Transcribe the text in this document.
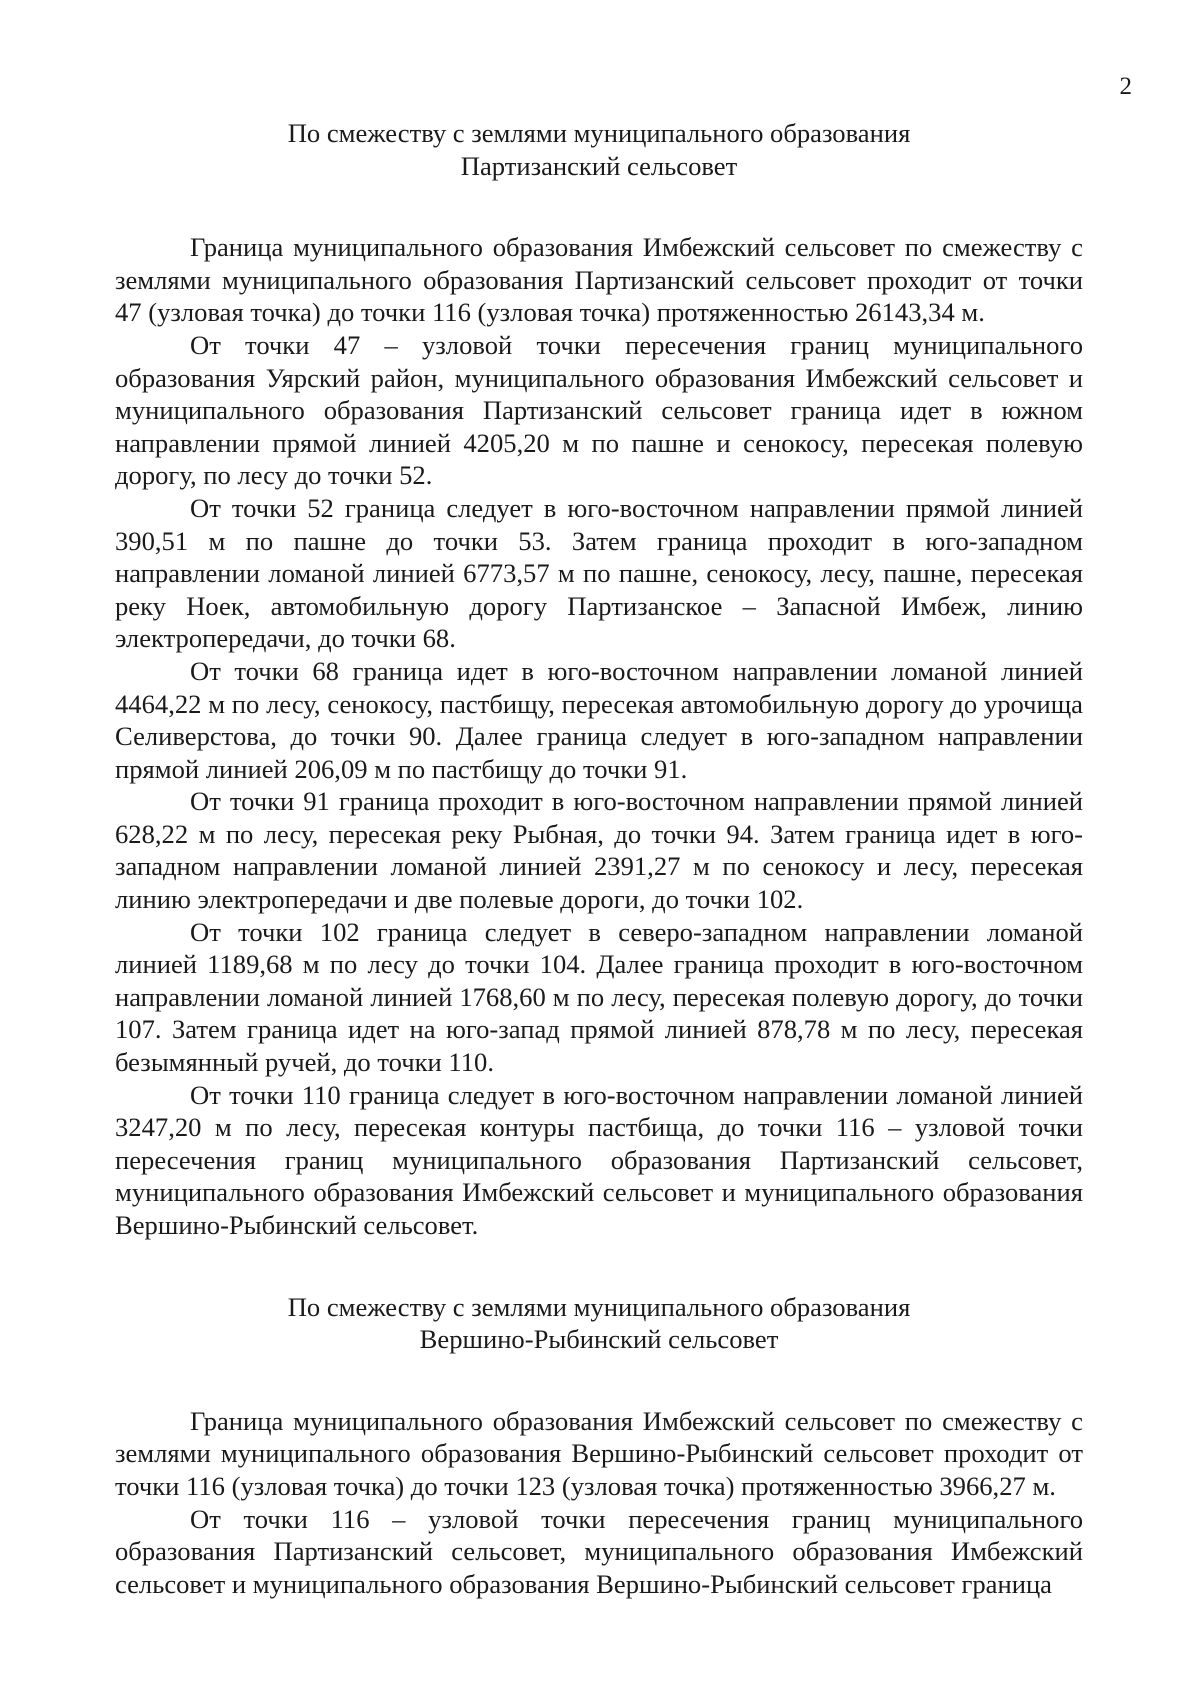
2

По смежеству с землями муниципального образования
Партизанский сельсовет

Граница муниципального образования Имбежский сельсовет по смежеству с землями муниципального образования Партизанский сельсовет проходит от точки 47 (узловая точка) до точки 116 (узловая точка) протяженностью 26143,34 м.

От точки 47 – узловой точки пересечения границ муниципального образования Уярский район, муниципального образования Имбежский сельсовет и муниципального образования Партизанский сельсовет граница идет в южном направлении прямой линией 4205,20 м по пашне и сенокосу, пересекая полевую дорогу, по лесу до точки 52.

От точки 52 граница следует в юго-восточном направлении прямой линией 390,51 м по пашне до точки 53. Затем граница проходит в юго-западном направлении ломаной линией 6773,57 м по пашне, сенокосу, лесу, пашне, пересекая реку Ноек, автомобильную дорогу Партизанское – Запасной Имбеж, линию электропередачи, до точки 68.

От точки 68 граница идет в юго-восточном направлении ломаной линией 4464,22 м по лесу, сенокосу, пастбищу, пересекая автомобильную дорогу до урочища Селиверстова, до точки 90. Далее граница следует в юго-западном направлении прямой линией 206,09 м по пастбищу до точки 91.

От точки 91 граница проходит в юго-восточном направлении прямой линией 628,22 м по лесу, пересекая реку Рыбная, до точки 94. Затем граница идет в юго-западном направлении ломаной линией 2391,27 м по сенокосу и лесу, пересекая линию электропередачи и две полевые дороги, до точки 102.

От точки 102 граница следует в северо-западном направлении ломаной линией 1189,68 м по лесу до точки 104. Далее граница проходит в юго-восточном направлении ломаной линией 1768,60 м по лесу, пересекая полевую дорогу, до точки 107. Затем граница идет на юго-запад прямой линией 878,78 м по лесу, пересекая безымянный ручей, до точки 110.

От точки 110 граница следует в юго-восточном направлении ломаной линией 3247,20 м по лесу, пересекая контуры пастбища, до точки 116 – узловой точки пересечения границ муниципального образования Партизанский сельсовет, муниципального образования Имбежский сельсовет и муниципального образования Вершино-Рыбинский сельсовет.

По смежеству с землями муниципального образования
Вершино-Рыбинский сельсовет

Граница муниципального образования Имбежский сельсовет по смежеству с землями муниципального образования Вершино-Рыбинский сельсовет проходит от точки 116 (узловая точка) до точки 123 (узловая точка) протяженностью 3966,27 м.

От точки 116 – узловой точки пересечения границ муниципального образования Партизанский сельсовет, муниципального образования Имбежский сельсовет и муниципального образования Вершино-Рыбинский сельсовет граница
